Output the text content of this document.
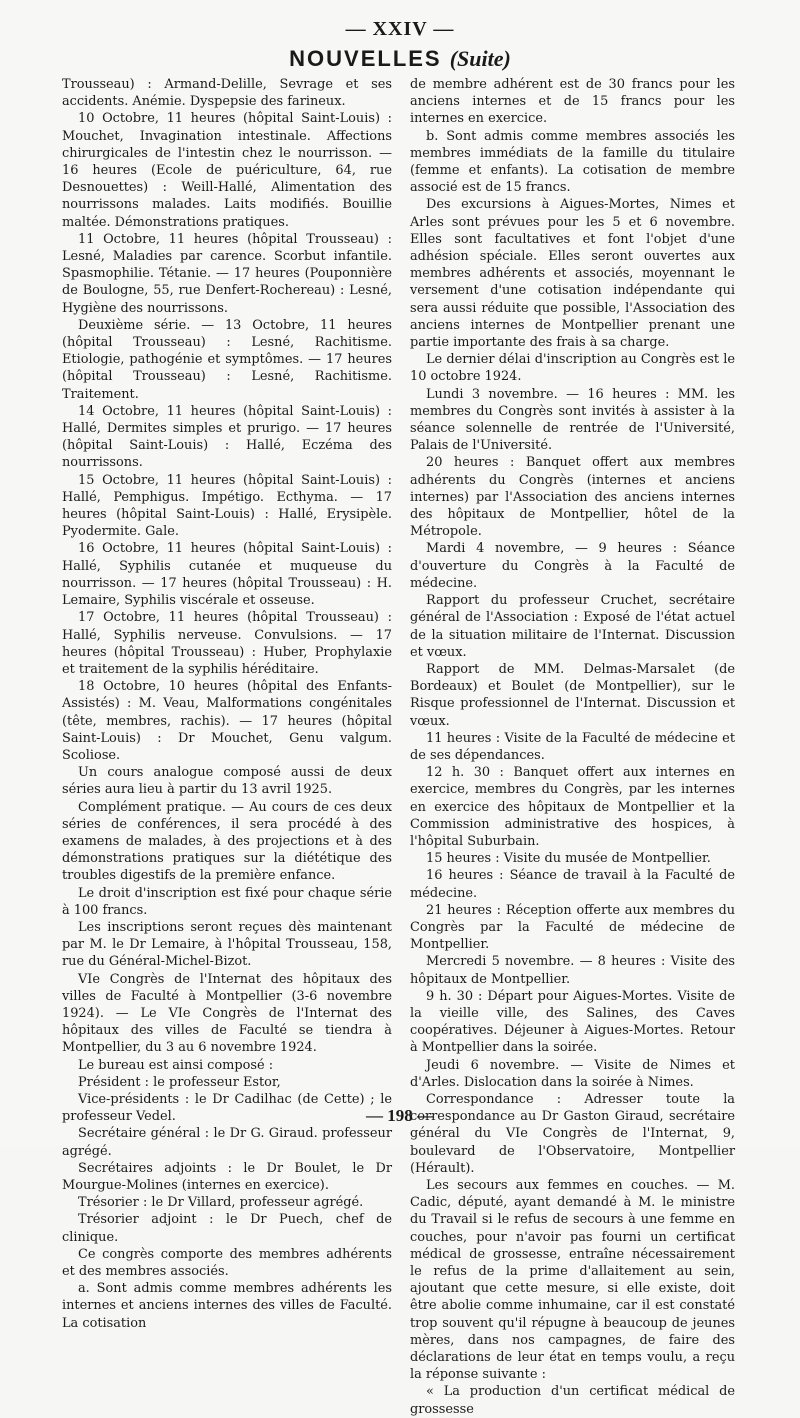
— XXIV —
NOUVELLES (Suite)

Trousseau) : Armand-Delille, Sevrage et ses accidents. Anémie. Dyspepsie des farineux.

10 Octobre, 11 heures (hôpital Saint-Louis) : Mouchet, Invagination intestinale. Affections chirurgicales de l'intestin chez le nourrisson. — 16 heures (Ecole de puériculture, 64, rue Desnouettes) : Weill-Hallé, Alimentation des nourrissons malades. Laits modifiés. Bouillie maltée. Démonstrations pratiques.

11 Octobre, 11 heures (hôpital Trousseau) : Lesné, Maladies par carence. Scorbut infantile. Spasmophilie. Tétanie. — 17 heures (Pouponnière de Boulogne, 55, rue Denfert-Rochereau) : Lesné, Hygiène des nourrissons.

Deuxième série. — 13 Octobre, 11 heures (hôpital Trousseau) : Lesné, Rachitisme. Etiologie, pathogénie et symptômes. — 17 heures (hôpital Trousseau) : Lesné, Rachitisme. Traitement.

14 Octobre, 11 heures (hôpital Saint-Louis) : Hallé, Dermites simples et prurigo. — 17 heures (hôpital Saint-Louis) : Hallé, Eczéma des nourrissons.

15 Octobre, 11 heures (hôpital Saint-Louis) : Hallé, Pemphigus. Impétigo. Ecthyma. — 17 heures (hôpital Saint-Louis) : Hallé, Erysipèle. Pyodermite. Gale.

16 Octobre, 11 heures (hôpital Saint-Louis) : Hallé, Syphilis cutanée et muqueuse du nourrisson. — 17 heures (hôpital Trousseau) : H. Lemaire, Syphilis viscérale et osseuse.

17 Octobre, 11 heures (hôpital Trousseau) : Hallé, Syphilis nerveuse. Convulsions. — 17 heures (hôpital Trousseau) : Huber, Prophylaxie et traitement de la syphilis héréditaire.

18 Octobre, 10 heures (hôpital des Enfants-Assistés) : M. Veau, Malformations congénitales (tête, membres, rachis). — 17 heures (hôpital Saint-Louis) : Dr Mouchet, Genu valgum. Scoliose.

Un cours analogue composé aussi de deux séries aura lieu à partir du 13 avril 1925.

Complément pratique. — Au cours de ces deux séries de conférences, il sera procédé à des examens de malades, à des projections et à des démonstrations pratiques sur la diététique des troubles digestifs de la première enfance.

Le droit d'inscription est fixé pour chaque série à 100 francs.

Les inscriptions seront reçues dès maintenant par M. le Dr Lemaire, à l'hôpital Trousseau, 158, rue du Général-Michel-Bizot.

VIe Congrès de l'Internat des hôpitaux des villes de Faculté à Montpellier (3-6 novembre 1924). — Le VIe Congrès de l'Internat des hôpitaux des villes de Faculté se tiendra à Montpellier, du 3 au 6 novembre 1924.

Le bureau est ainsi composé :

Président : le professeur Estor,

Vice-présidents : le Dr Cadilhac (de Cette) ; le professeur Vedel.

Secrétaire général : le Dr G. Giraud. professeur agrégé.

Secrétaires adjoints : le Dr Boulet, le Dr Mourgue-Molines (internes en exercice).

Trésorier : le Dr Villard, professeur agrégé.

Trésorier adjoint : le Dr Puech, chef de clinique.

Ce congrès comporte des membres adhérents et des membres associés.

a. Sont admis comme membres adhérents les internes et anciens internes des villes de Faculté. La cotisation

de membre adhérent est de 30 francs pour les anciens internes et de 15 francs pour les internes en exercice.

b. Sont admis comme membres associés les membres immédiats de la famille du titulaire (femme et enfants). La cotisation de membre associé est de 15 francs.

Des excursions à Aigues-Mortes, Nimes et Arles sont prévues pour les 5 et 6 novembre. Elles sont facultatives et font l'objet d'une adhésion spéciale. Elles seront ouvertes aux membres adhérents et associés, moyennant le versement d'une cotisation indépendante qui sera aussi réduite que possible, l'Association des anciens internes de Montpellier prenant une partie importante des frais à sa charge.

Le dernier délai d'inscription au Congrès est le 10 octobre 1924.

Lundi 3 novembre. — 16 heures : MM. les membres du Congrès sont invités à assister à la séance solennelle de rentrée de l'Université, Palais de l'Université.

20 heures : Banquet offert aux membres adhérents du Congrès (internes et anciens internes) par l'Association des anciens internes des hôpitaux de Montpellier, hôtel de la Métropole.

Mardi 4 novembre, — 9 heures : Séance d'ouverture du Congrès à la Faculté de médecine.

Rapport du professeur Cruchet, secrétaire général de l'Association : Exposé de l'état actuel de la situation militaire de l'Internat. Discussion et vœux.

Rapport de MM. Delmas-Marsalet (de Bordeaux) et Boulet (de Montpellier), sur le Risque professionnel de l'Internat. Discussion et vœux.

11 heures : Visite de la Faculté de médecine et de ses dépendances.

12 h. 30 : Banquet offert aux internes en exercice, membres du Congrès, par les internes en exercice des hôpitaux de Montpellier et la Commission administrative des hospices, à l'hôpital Suburbain.

15 heures : Visite du musée de Montpellier.

16 heures : Séance de travail à la Faculté de médecine.

21 heures : Réception offerte aux membres du Congrès par la Faculté de médecine de Montpellier.

Mercredi 5 novembre. — 8 heures : Visite des hôpitaux de Montpellier.

9 h. 30 : Départ pour Aigues-Mortes. Visite de la vieille ville, des Salines, des Caves coopératives. Déjeuner à Aigues-Mortes. Retour à Montpellier dans la soirée.

Jeudi 6 novembre. — Visite de Nimes et d'Arles. Dislocation dans la soirée à Nimes.

Correspondance : Adresser toute la correspondance au Dr Gaston Giraud, secrétaire général du VIe Congrès de l'Internat, 9, boulevard de l'Observatoire, Montpellier (Hérault).

Les secours aux femmes en couches. — M. Cadic, député, ayant demandé à M. le ministre du Travail si le refus de secours à une femme en couches, pour n'avoir pas fourni un certificat médical de grossesse, entraîne nécessairement le refus de la prime d'allaitement au sein, ajoutant que cette mesure, si elle existe, doit être abolie comme inhumaine, car il est constaté trop souvent qu'il répugne à beaucoup de jeunes mères, dans nos campagnes, de faire des déclarations de leur état en temps voulu, a reçu la réponse suivante :

« La production d'un certificat médical de grossesse

— 198 —
